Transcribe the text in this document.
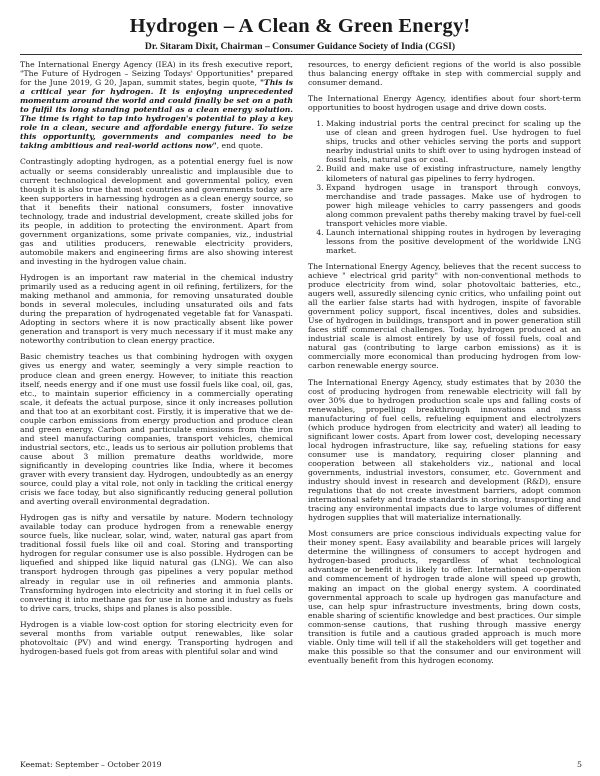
Hydrogen – A Clean & Green Energy!
Dr. Sitaram Dixit, Chairman – Consumer Guidance Society of India (CGSI)

The International Energy Agency (IEA) in its fresh executive report, "The Future of Hydrogen – Seizing Todays' Opportunities" prepared for the June 2019, G 20, Japan, summit states, begin quote, "This is a critical year for hydrogen. It is enjoying unprecedented momentum around the world and could finally be set on a path to fulfil its long standing potential as a clean energy solution. The time is right to tap into hydrogen's potential to play a key role in a clean, secure and affordable energy future. To seize this opportunity, governments and companies need to be taking ambitious and real-world actions now", end quote.

Contrastingly adopting hydrogen, as a potential energy fuel is now actually or seems considerably unrealistic and implausible due to current technological development and governmental policy, even though it is also true that most countries and governments today are keen supporters in harnessing hydrogen as a clean energy source, so that it benefits their national consumers, foster innovative technology, trade and industrial development, create skilled jobs for its people, in addition to protecting the environment. Apart from government organizations, some private companies, viz., industrial gas and utilities producers, renewable electricity providers, automobile makers and engineering firms are also showing interest and investing in the hydrogen value chain.

Hydrogen is an important raw material in the chemical industry primarily used as a reducing agent in oil refining, fertilizers, for the making methanol and ammonia, for removing unsaturated double bonds in several molecules, including unsaturated oils and fats during the preparation of hydrogenated vegetable fat for Vanaspati. Adopting in sectors where it is now practically absent like power generation and transport is very much necessary if it must make any noteworthy contribution to clean energy practice.

Basic chemistry teaches us that combining hydrogen with oxygen gives us energy and water, seemingly a very simple reaction to produce clean and green energy. However, to initiate this reaction itself, needs energy and if one must use fossil fuels like coal, oil, gas, etc., to maintain superior efficiency in a commercially operating scale, it defeats the actual purpose, since it only increases pollution and that too at an exorbitant cost. Firstly, it is imperative that we de-couple carbon emissions from energy production and produce clean and green energy. Carbon and particulate emissions from the iron and steel manufacturing companies, transport vehicles, chemical industrial sectors, etc., leads us to serious air pollution problems that cause about 3 million premature deaths worldwide, more significantly in developing countries like India, where it becomes graver with every transient day. Hydrogen, undoubtedly as an energy source, could play a vital role, not only in tackling the critical energy crisis we face today, but also significantly reducing general pollution and averting overall environmental degradation.

Hydrogen gas is nifty and versatile by nature. Modern technology available today can produce hydrogen from a renewable energy source fuels, like nuclear, solar, wind, water, natural gas apart from traditional fossil fuels like oil and coal. Storing and transporting hydrogen for regular consumer use is also possible. Hydrogen can be liquefied and shipped like liquid natural gas (LNG). We can also transport hydrogen through gas pipelines a very popular method already in regular use in oil refineries and ammonia plants. Transforming hydrogen into electricity and storing it in fuel cells or converting it into methane gas for use in home and industry as fuels to drive cars, trucks, ships and planes is also possible.

Hydrogen is a viable low-cost option for storing electricity even for several months from variable output renewables, like solar photovoltaic (PV) and wind energy. Transporting hydrogen and hydrogen-based fuels got from areas with plentiful solar and wind

resources, to energy deficient regions of the world is also possible thus balancing energy offtake in step with commercial supply and consumer demand.

The International Energy Agency, identifies about four short-term opportunities to boost hydrogen usage and drive down costs.

1. Making industrial ports the central precinct for scaling up the use of clean and green hydrogen fuel. Use hydrogen to fuel ships, trucks and other vehicles serving the ports and support nearby industrial units to shift over to using hydrogen instead of fossil fuels, natural gas or coal.
2. Build and make use of existing infrastructure, namely lengthy kilometers of natural gas pipelines to ferry hydrogen.
3. Expand hydrogen usage in transport through convoys, merchandise and trade passages. Make use of hydrogen to power high mileage vehicles to carry passengers and goods along common prevalent paths thereby making travel by fuel-cell transport vehicles more viable.
4. Launch international shipping routes in hydrogen by leveraging lessons from the positive development of the worldwide LNG market.

The International Energy Agency, believes that the recent success to achieve " electrical grid parity" with non-conventional methods to produce electricity from wind, solar photovoltaic batteries, etc., augers well, assuredly silencing cynic critics, who unfailing point out all the earlier false starts had with hydrogen, inspite of favorable government policy support, fiscal incentives, doles and subsidies. Use of hydrogen in buildings, transport and in power generation still faces stiff commercial challenges. Today, hydrogen produced at an industrial scale is almost entirely by use of fossil fuels, coal and natural gas (contributing to large carbon emissions) as it is commercially more economical than producing hydrogen from low-carbon renewable energy source.

The International Energy Agency, study estimates that by 2030 the cost of producing hydrogen from renewable electricity will fall by over 30% due to hydrogen production scale ups and falling costs of renewables, propelling breakthrough innovations and mass manufacturing of fuel cells, refueling equipment and electrolyzers (which produce hydrogen from electricity and water) all leading to significant lower costs. Apart from lower cost, developing necessary local hydrogen infrastructure, like say, refueling stations for easy consumer use is mandatory, requiring closer planning and cooperation between all stakeholders viz., national and local governments, industrial investors, consumer, etc. Government and industry should invest in research and development (R&D), ensure regulations that do not create investment barriers, adopt common international safety and trade standards in storing, transporting and tracing any environmental impacts due to large volumes of different hydrogen supplies that will materialize internationally.

Most consumers are price conscious individuals expecting value for their money spent. Easy availability and bearable prices will largely determine the willingness of consumers to accept hydrogen and hydrogen-based products, regardless of what technological advantage or benefit it is likely to offer. International co-operation and commencement of hydrogen trade alone will speed up growth, making an impact on the global energy system. A coordinated governmental approach to scale up hydrogen gas manufacture and use, can help spur infrastructure investments, bring down costs, enable sharing of scientific knowledge and best practices. Our simple common-sense cautions, that rushing through massive energy transition is futile and a cautious graded approach is much more viable. Only time will tell if all the stakeholders will get together and make this possible so that the consumer and our environment will eventually benefit from this hydrogen economy.

Keemat: September – October 2019	5
